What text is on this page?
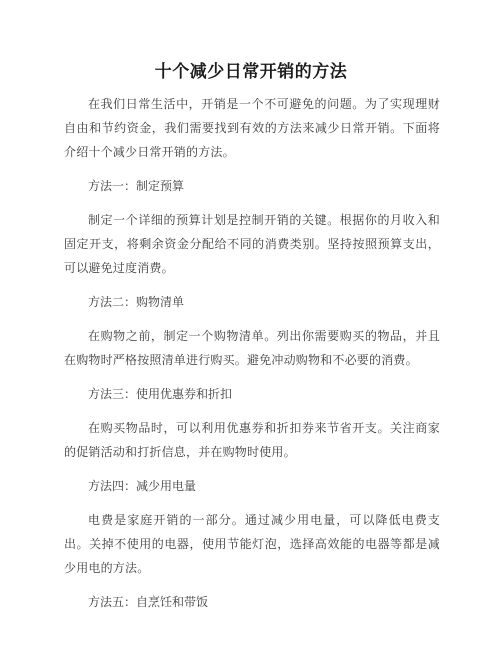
十个减少日常开销的方法

在我们日常生活中，开销是一个不可避免的问题。为了实现理财自由和节约资金，我们需要找到有效的方法来减少日常开销。下面将介绍十个减少日常开销的方法。

方法一：制定预算

制定一个详细的预算计划是控制开销的关键。根据你的月收入和固定开支，将剩余资金分配给不同的消费类别。坚持按照预算支出，可以避免过度消费。

方法二：购物清单

在购物之前，制定一个购物清单。列出你需要购买的物品，并且在购物时严格按照清单进行购买。避免冲动购物和不必要的消费。

方法三：使用优惠券和折扣

在购买物品时，可以利用优惠券和折扣券来节省开支。关注商家的促销活动和打折信息，并在购物时使用。

方法四：减少用电量

电费是家庭开销的一部分。通过减少用电量，可以降低电费支出。关掉不使用的电器，使用节能灯泡，选择高效能的电器等都是减少用电的方法。

方法五：自烹饪和带饭
